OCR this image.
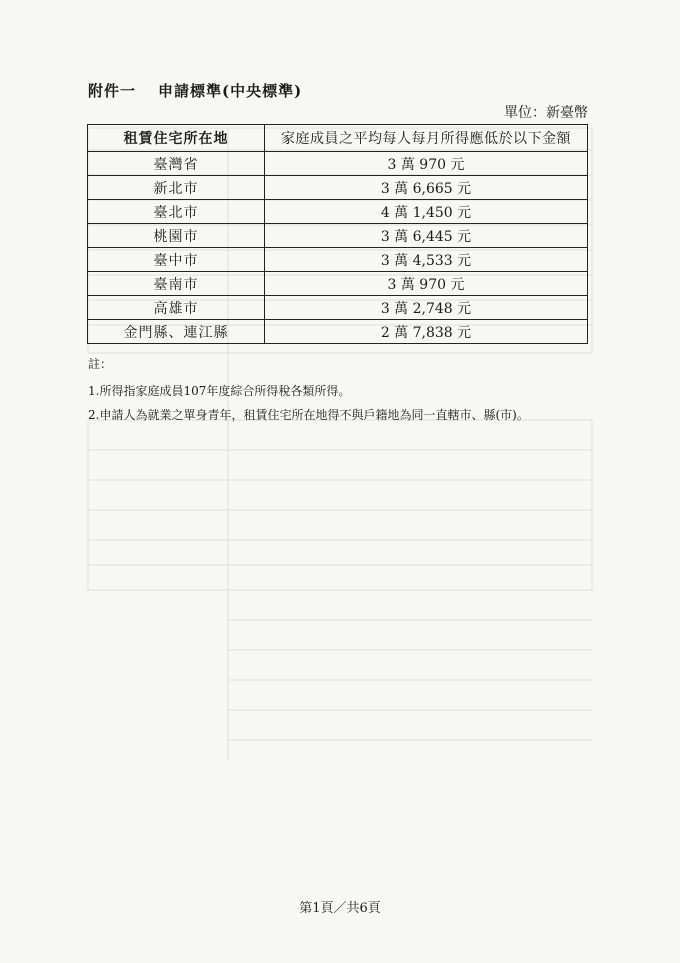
附件一 申請標準(中央標準)
單位：新臺幣
租賃住宅所在地	家庭成員之平均每人每月所得應低於以下金額
臺灣省	3 萬 970 元
新北市	3 萬 6,665 元
臺北市	4 萬 1,450 元
桃園市	3 萬 6,445 元
臺中市	3 萬 4,533 元
臺南市	3 萬 970 元
高雄市	3 萬 2,748 元
金門縣、連江縣	2 萬 7,838 元
註：
1.所得指家庭成員107年度綜合所得稅各類所得。
2.申請人為就業之單身青年，租賃住宅所在地得不與戶籍地為同一直轄市、縣(市)。
第1頁／共6頁
